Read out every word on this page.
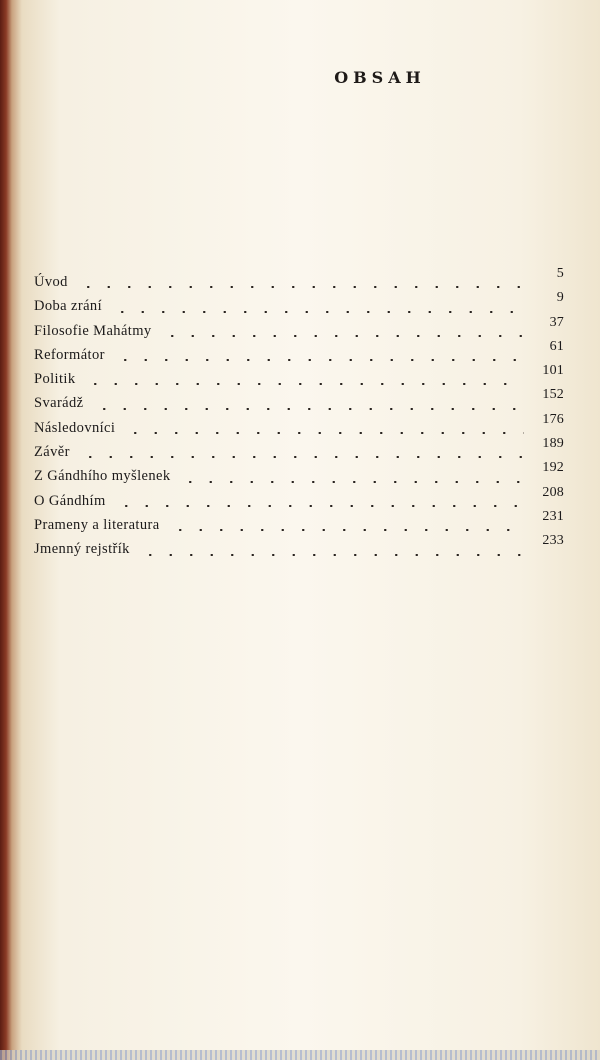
OBSAH
Úvod
5
Doba zrání
9
Filosofie Mahátmy
37
Reformátor
61
Politik
101
Svarádž
152
Následovníci
176
Závěr
189
Z Gándhího myšlenek
192
O Gándhím
208
Prameny a literatura
231
Jmenný rejstřík
233
